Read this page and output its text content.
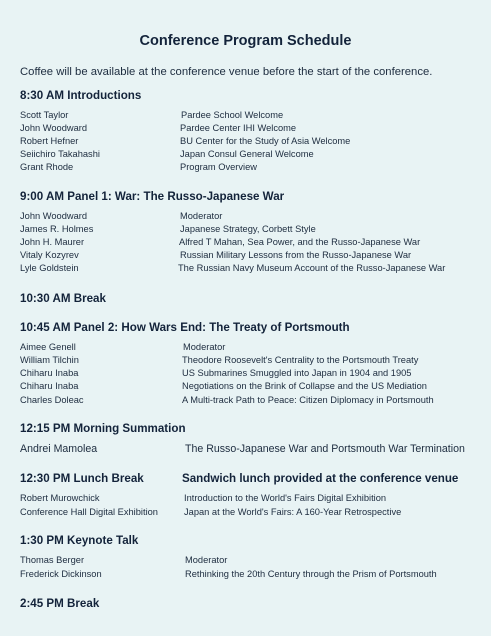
Conference Program Schedule
Coffee will be available at the conference venue before the start of the conference.
8:30 AM Introductions
Scott Taylor	Pardee School Welcome
John Woodward	Pardee Center IHI Welcome
Robert Hefner	BU Center for the Study of Asia Welcome
Seiichiro Takahashi	Japan Consul General Welcome
Grant Rhode	Program Overview
9:00 AM Panel 1: War: The Russo-Japanese War
John Woodward	Moderator
James R. Holmes	Japanese Strategy, Corbett Style
John H. Maurer	Alfred T Mahan, Sea Power, and the Russo-Japanese War
Vitaly Kozyrev	Russian Military Lessons from the Russo-Japanese War
Lyle Goldstein	The Russian Navy Museum Account of the Russo-Japanese War
10:30 AM Break
10:45 AM Panel 2: How Wars End: The Treaty of Portsmouth
Aimee Genell	Moderator
William Tilchin	Theodore Roosevelt's Centrality to the Portsmouth Treaty
Chiharu Inaba	US Submarines Smuggled into Japan in 1904 and 1905
Chiharu Inaba	Negotiations on the Brink of Collapse and the US Mediation
Charles Doleac	A Multi-track Path to Peace: Citizen Diplomacy in Portsmouth
12:15 PM Morning Summation
Andrei Mamolea	The Russo-Japanese War and Portsmouth War Termination
12:30 PM Lunch Break	Sandwich lunch provided at the conference venue
Robert Murowchick	Introduction to the World's Fairs Digital Exhibition
Conference Hall Digital Exhibition	Japan at the World's Fairs: A 160-Year Retrospective
1:30 PM Keynote Talk
Thomas Berger	Moderator
Frederick Dickinson	Rethinking the 20th Century through the Prism of Portsmouth
2:45 PM Break
